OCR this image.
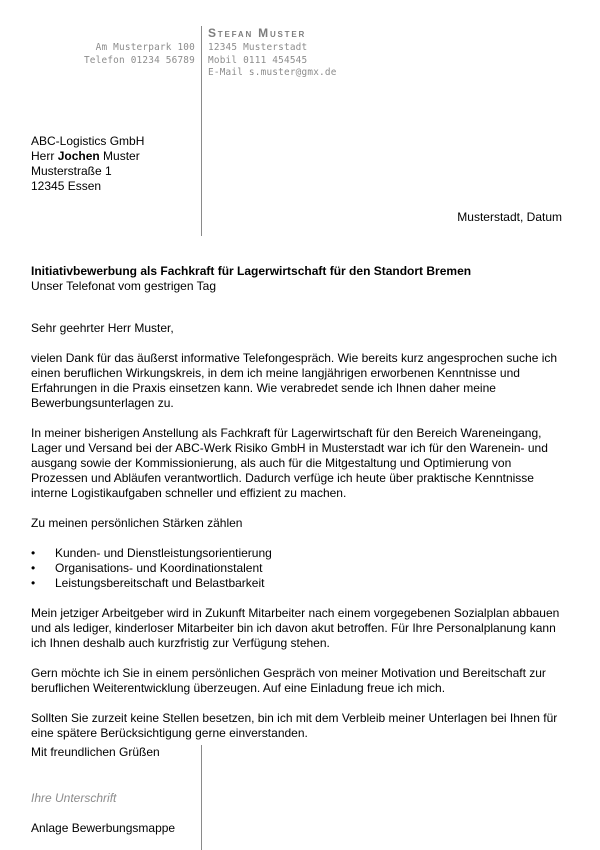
Am Musterpark 100
Telefon 01234 56789
Stefan Muster
12345 Musterstadt
Mobil 0111 454545
E-Mail s.muster@gmx.de
ABC-Logistics GmbH
Herr Jochen Muster
Musterstraße 1
12345 Essen
Musterstadt, Datum
Initiativbewerbung als Fachkraft für Lagerwirtschaft für den Standort Bremen
Unser Telefonat vom gestrigen Tag

Sehr geehrter Herr Muster,

vielen Dank für das äußerst informative Telefongespräch. Wie bereits kurz angesprochen suche ich einen beruflichen Wirkungskreis, in dem ich meine langjährigen erworbenen Kenntnisse und Erfahrungen in die Praxis einsetzen kann. Wie verabredet sende ich Ihnen daher meine Bewerbungsunterlagen zu.

In meiner bisherigen Anstellung als Fachkraft für Lagerwirtschaft für den Bereich Wareneingang, Lager und Versand bei der ABC-Werk Risiko GmbH in Musterstadt war ich für den Warenein- und ausgang sowie der Kommissionierung, als auch für die Mitgestaltung und Optimierung von Prozessen und Abläufen verantwortlich. Dadurch verfüge ich heute über praktische Kenntnisse interne Logistikaufgaben schneller und effizient zu machen.

Zu meinen persönlichen Stärken zählen

• Kunden- und Dienstleistungsorientierung
• Organisations- und Koordinationstalent
• Leistungsbereitschaft und Belastbarkeit

Mein jetziger Arbeitgeber wird in Zukunft Mitarbeiter nach einem vorgegebenen Sozialplan abbauen und als lediger, kinderloser Mitarbeiter bin ich davon akut betroffen. Für Ihre Personalplanung kann ich Ihnen deshalb auch kurzfristig zur Verfügung stehen.

Gern möchte ich Sie in einem persönlichen Gespräch von meiner Motivation und Bereitschaft zur beruflichen Weiterentwicklung überzeugen. Auf eine Einladung freue ich mich.

Sollten Sie zurzeit keine Stellen besetzen, bin ich mit dem Verbleib meiner Unterlagen bei Ihnen für eine spätere Berücksichtigung gerne einverstanden.

Mit freundlichen Grüßen
Ihre Unterschrift
Anlage Bewerbungsmappe
